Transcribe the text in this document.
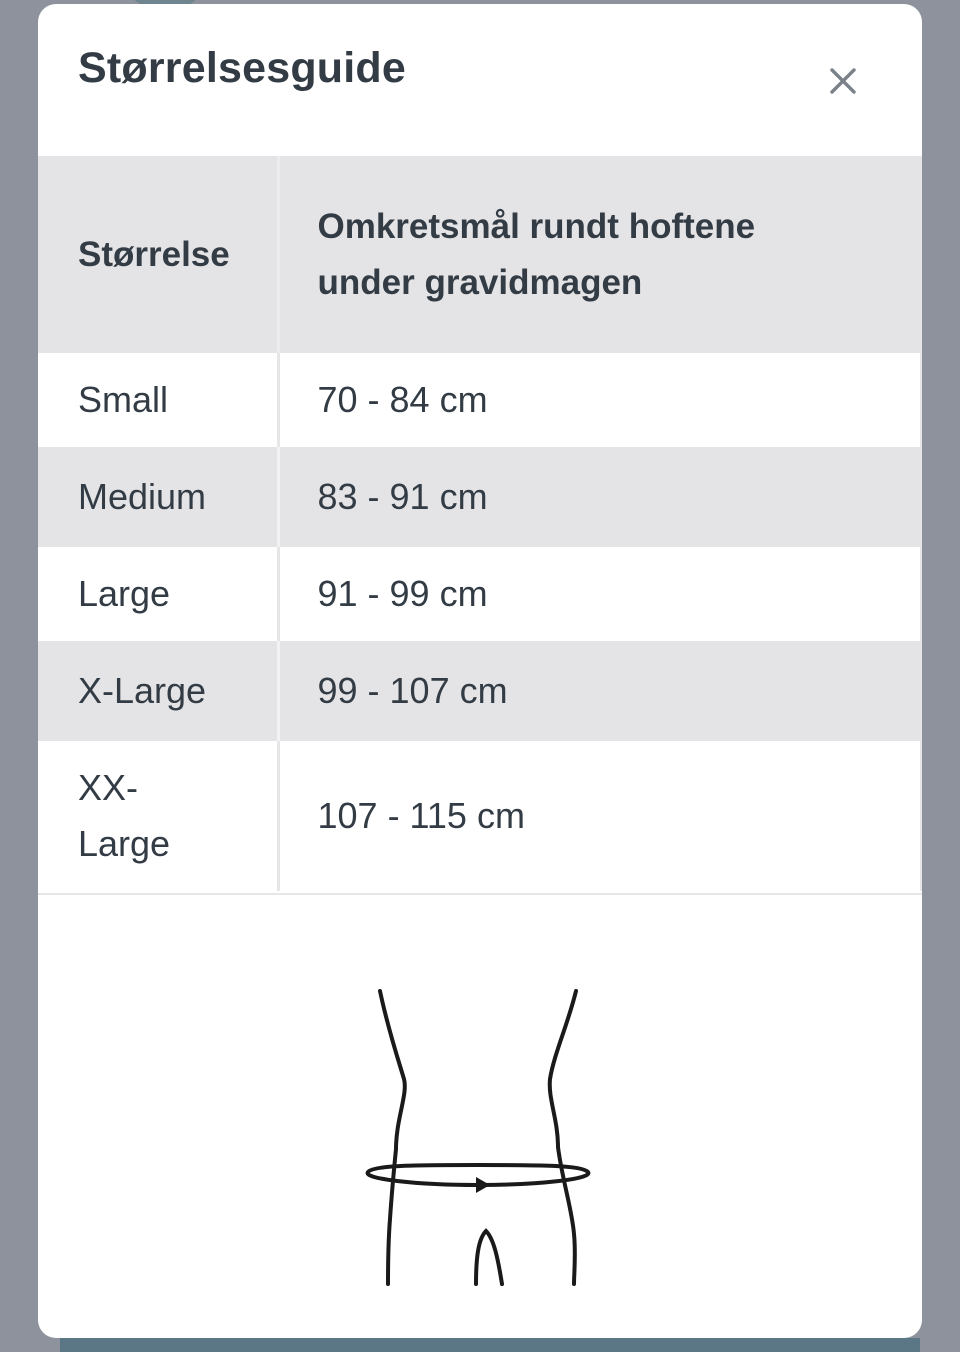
Størrelsesguide
Størrelse	Omkretsmål rundt hoftene under gravidmagen
Small	70 - 84 cm
Medium	83 - 91 cm
Large	91 - 99 cm
X-Large	99 - 107 cm
XX-Large	107 - 115 cm
